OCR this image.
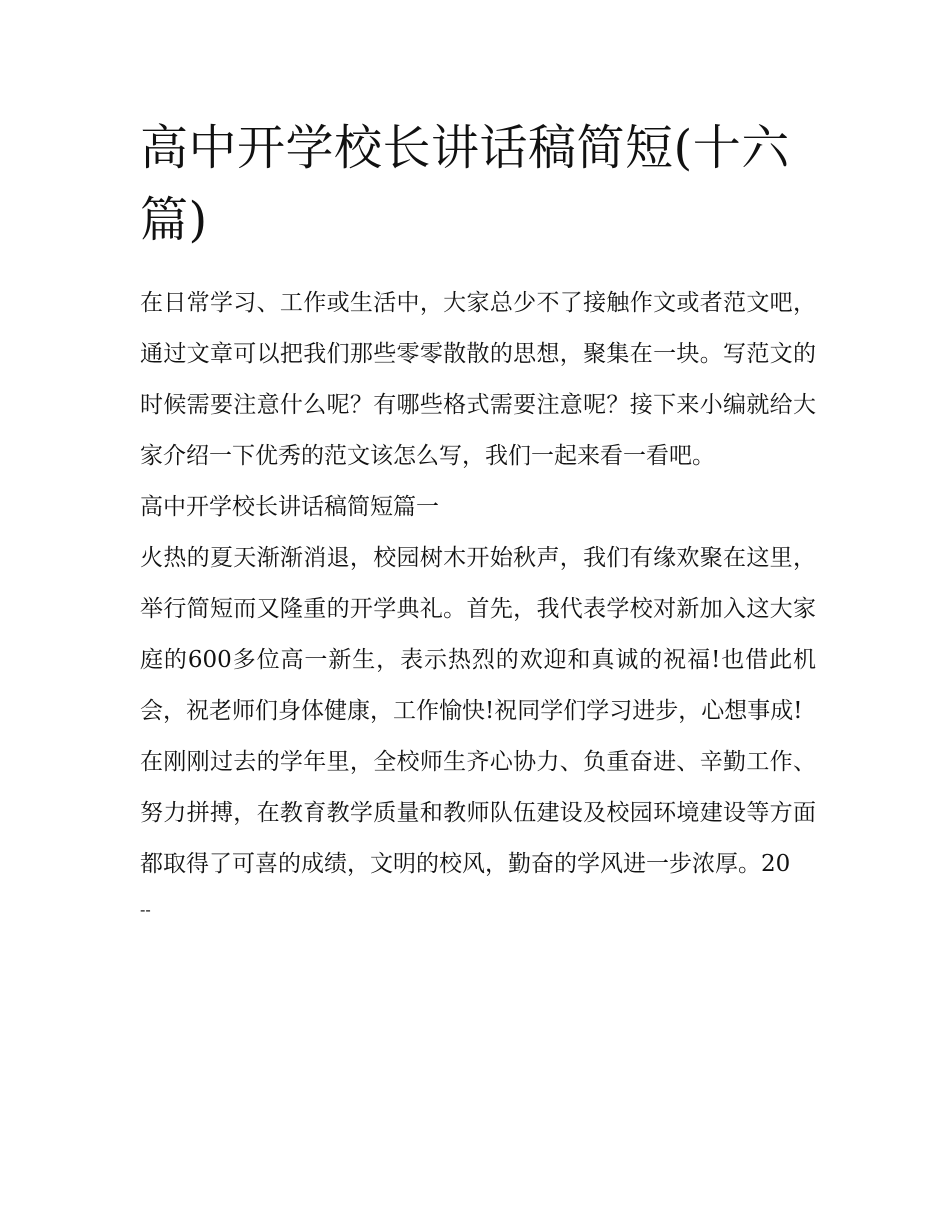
高中开学校长讲话稿简短(十六篇)

在日常学习、工作或生活中，大家总少不了接触作文或者范文吧，通过文章可以把我们那些零零散散的思想，聚集在一块。写范文的时候需要注意什么呢？有哪些格式需要注意呢？接下来小编就给大家介绍一下优秀的范文该怎么写，我们一起来看一看吧。

高中开学校长讲话稿简短篇一

火热的夏天渐渐消退，校园树木开始秋声，我们有缘欢聚在这里，举行简短而又隆重的开学典礼。首先，我代表学校对新加入这大家庭的600多位高一新生，表示热烈的欢迎和真诚的祝福!也借此机会，祝老师们身体健康，工作愉快!祝同学们学习进步，心想事成!

在刚刚过去的学年里，全校师生齐心协力、负重奋进、辛勤工作、努力拼搏，在教育教学质量和教师队伍建设及校园环境建设等方面都取得了可喜的成绩，文明的校风，勤奋的学风进一步浓厚。20

--
